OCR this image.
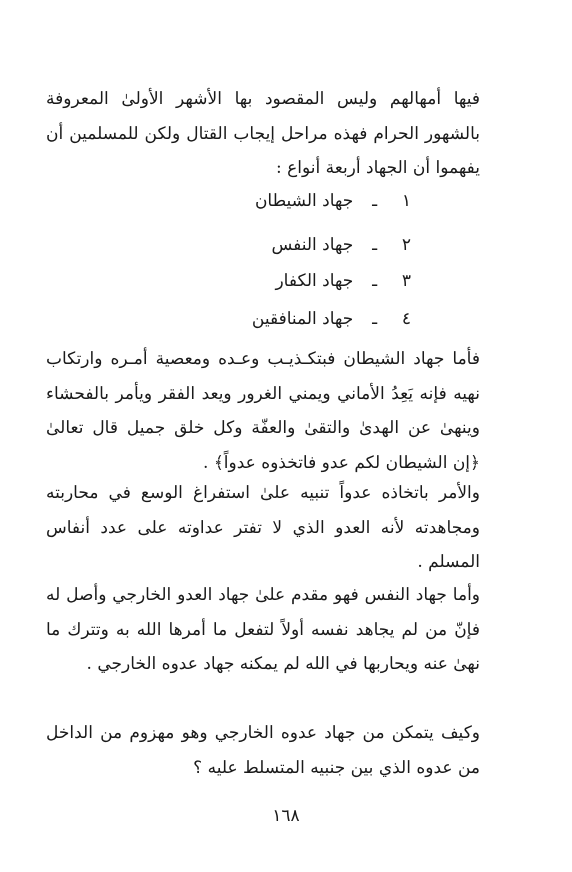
فيها أمهالهم وليس المقصود بها الأشهر الأولىٰ المعروفة بالشهور الحرام فهذه مراحل إيجاب القتال ولكن للمسلمين أن يفهموا أن الجهاد أربعة أنواع :

١  ـ  جهاد الشيطان
٢  ـ  جهاد النفس
٣  ـ  جهاد الكفار
٤  ـ  جهاد المنافقين

فأما جهاد الشيطان فبتكـذيـب وعـده ومعصية أمـره وارتكاب نهيه فإنه يَعِدُ الأماني ويمني الغرور ويعد الفقر ويأمر بالفحشاء وينهىٰ عن الهدىٰ والتقىٰ والعفّة وكل خلق جميل قال تعالىٰ ﴿إن الشيطان لكم عدو فاتخذوه عدواً﴾ .

والأمر باتخاذه عدواً تنبيه علىٰ استفراغ الوسع في محاربته ومجاهدته لأنه العدو الذي لا تفتر عداوته على عدد أنفاس المسلم .

وأما جهاد النفس فهو مقدم علىٰ جهاد العدو الخارجي وأصل له فإنّ من لم يجاهد نفسه أولاً لتفعل ما أمرها الله به وتترك ما نهىٰ عنه ويحاربها في الله لم يمكنه جهاد عدوه الخارجي .

وكيف يتمكن من جهاد عدوه الخارجي وهو مهزوم من الداخل من عدوه الذي بين جنبيه المتسلط عليه ؟

١٦٨
